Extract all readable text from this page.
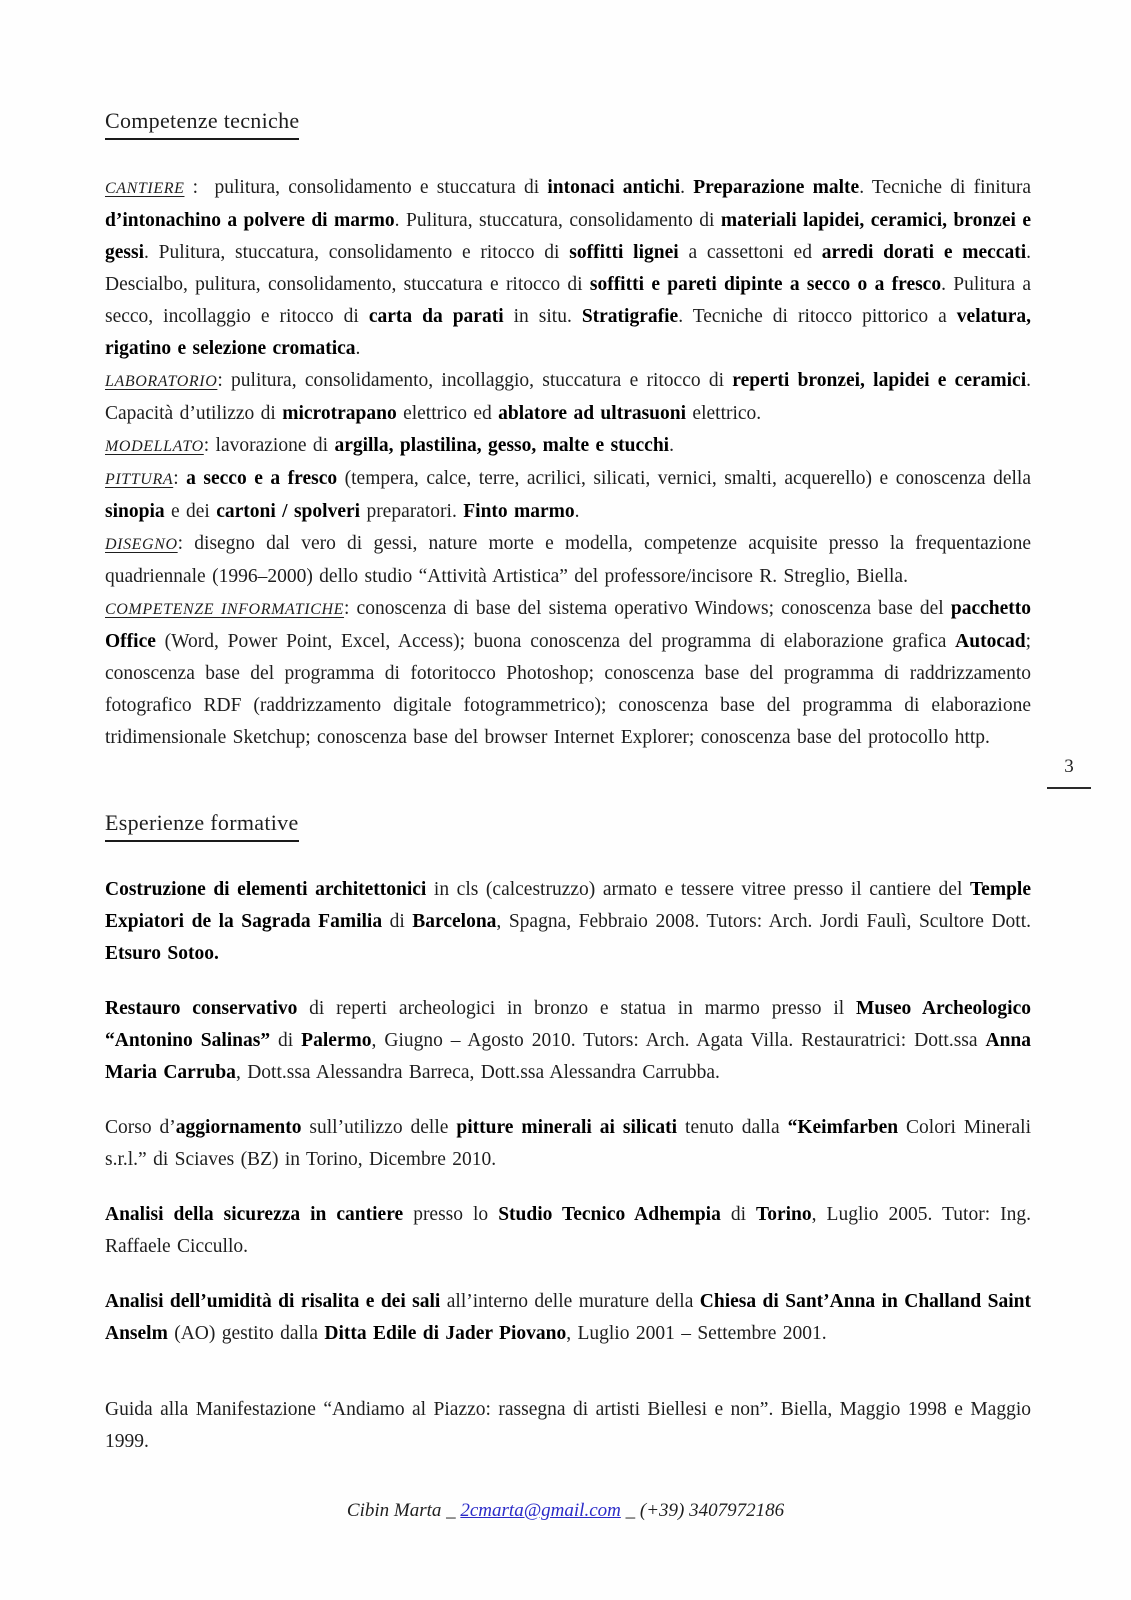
Competenze tecniche

CANTIERE :  pulitura, consolidamento e stuccatura di intonaci antichi. Preparazione malte. Tecniche di finitura d’intonachino a polvere di marmo. Pulitura, stuccatura, consolidamento di materiali lapidei, ceramici, bronzei e gessi. Pulitura, stuccatura, consolidamento e ritocco di soffitti lignei a cassettoni ed arredi dorati e meccati. Descialbo, pulitura, consolidamento, stuccatura e ritocco di soffitti e pareti dipinte a secco o a fresco. Pulitura a secco, incollaggio e ritocco di carta da parati in situ. Stratigrafie. Tecniche di ritocco pittorico a velatura, rigatino e selezione cromatica.

LABORATORIO: pulitura, consolidamento, incollaggio, stuccatura e ritocco di reperti bronzei, lapidei e ceramici. Capacità d’utilizzo di microtrapano elettrico ed ablatore ad ultrasuoni elettrico.

MODELLATO: lavorazione di argilla, plastilina, gesso, malte e stucchi.

PITTURA: a secco e a fresco (tempera, calce, terre, acrilici, silicati, vernici, smalti, acquerello) e conoscenza della sinopia e dei cartoni / spolveri preparatori. Finto marmo.

DISEGNO: disegno dal vero di gessi, nature morte e modella, competenze acquisite presso la frequentazione quadriennale (1996–2000) dello studio “Attività Artistica” del professore/incisore R. Streglio, Biella.

COMPETENZE INFORMATICHE: conoscenza di base del sistema operativo Windows; conoscenza base del pacchetto Office (Word, Power Point, Excel, Access); buona conoscenza del programma di elaborazione grafica Autocad; conoscenza base del programma di fotoritocco Photoshop; conoscenza base del programma di raddrizzamento fotografico RDF (raddrizzamento digitale fotogrammetrico); conoscenza base del programma di elaborazione tridimensionale Sketchup; conoscenza base del browser Internet Explorer; conoscenza base del protocollo http.

Esperienze formative

Costruzione di elementi architettonici in cls (calcestruzzo) armato e tessere vitree presso il cantiere del Temple Expiatori de la Sagrada Familia di Barcelona, Spagna, Febbraio 2008. Tutors: Arch. Jordi Faulì, Scultore Dott. Etsuro Sotoo.

Restauro conservativo di reperti archeologici in bronzo e statua in marmo presso il Museo Archeologico “Antonino Salinas” di Palermo, Giugno – Agosto 2010. Tutors: Arch. Agata Villa. Restauratrici: Dott.ssa Anna Maria Carruba, Dott.ssa Alessandra Barreca, Dott.ssa Alessandra Carrubba.

Corso d’aggiornamento sull’utilizzo delle pitture minerali ai silicati tenuto dalla “Keimfarben Colori Minerali s.r.l.” di Sciaves (BZ) in Torino, Dicembre 2010.

Analisi della sicurezza in cantiere presso lo Studio Tecnico Adhempia di Torino, Luglio 2005. Tutor: Ing. Raffaele Ciccullo.

Analisi dell’umidità di risalita e dei sali all’interno delle murature della Chiesa di Sant’Anna in Challand Saint Anselm (AO) gestito dalla Ditta Edile di Jader Piovano, Luglio 2001 – Settembre 2001.

Guida alla Manifestazione “Andiamo al Piazzo: rassegna di artisti Biellesi e non”. Biella, Maggio 1998 e Maggio 1999.

3
Cibin Marta _ 2cmarta@gmail.com _ (+39) 3407972186
